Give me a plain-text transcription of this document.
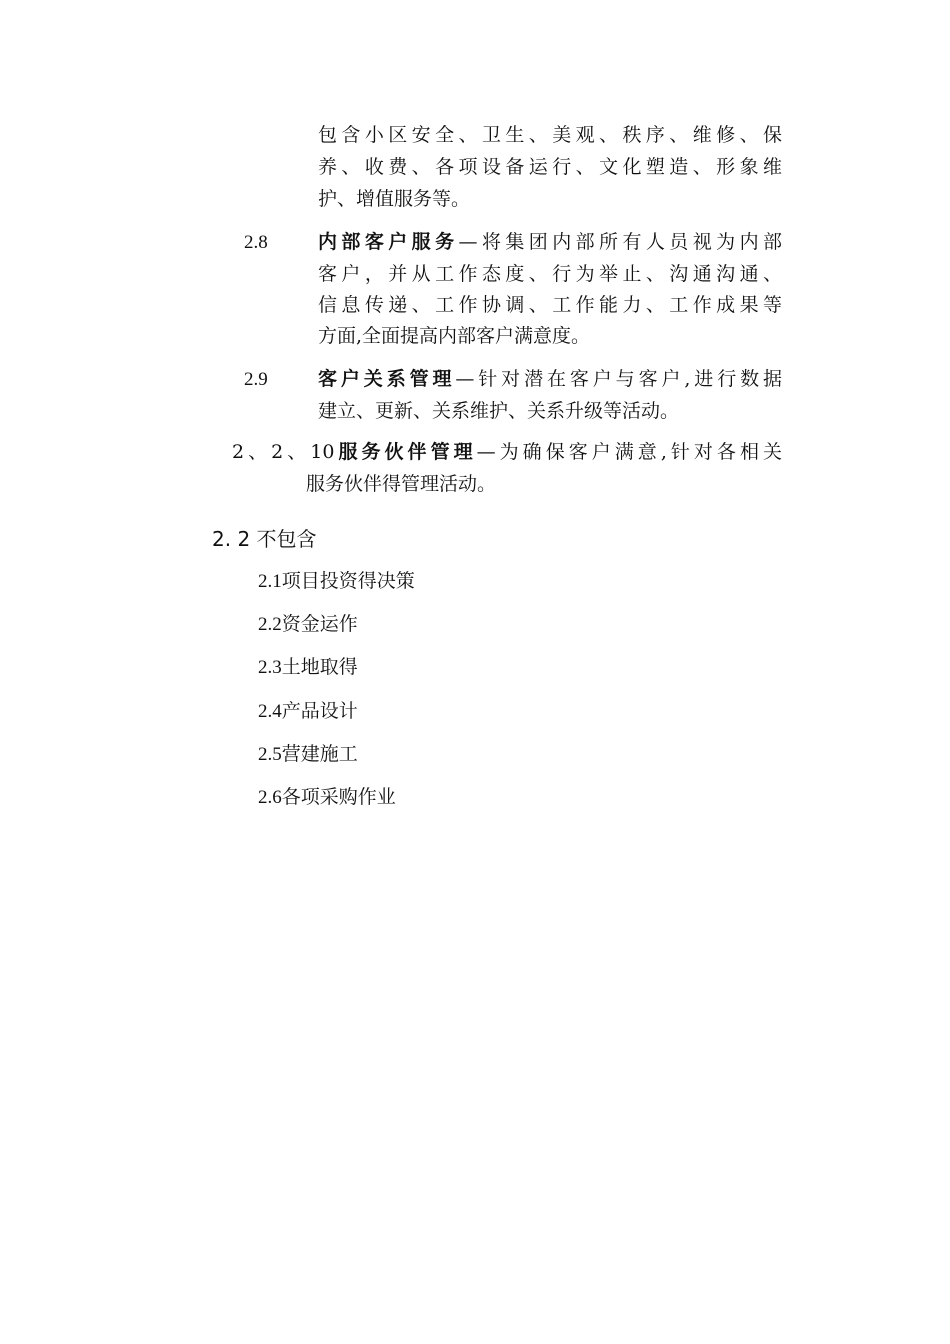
包含小区安全、卫生、美观、秩序、维修、保
养、收费、各项设备运行、文化塑造、形象维
护、增值服务等。
2.8	内部客户服务—将集团内部所有人员视为内部
客户，并从工作态度、行为举止、沟通沟通、
信息传递、工作协调、工作能力、工作成果等
方面,全面提高内部客户满意度。
2.9	客户关系管理—针对潜在客户与客户,进行数据
建立、更新、关系维护、关系升级等活动。
2、2、10服务伙伴管理—为确保客户满意,针对各相关
服务伙伴得管理活动。
2. 2 不包含
2.1项目投资得决策
2.2资金运作
2.3土地取得
2.4产品设计
2.5营建施工
2.6各项采购作业
